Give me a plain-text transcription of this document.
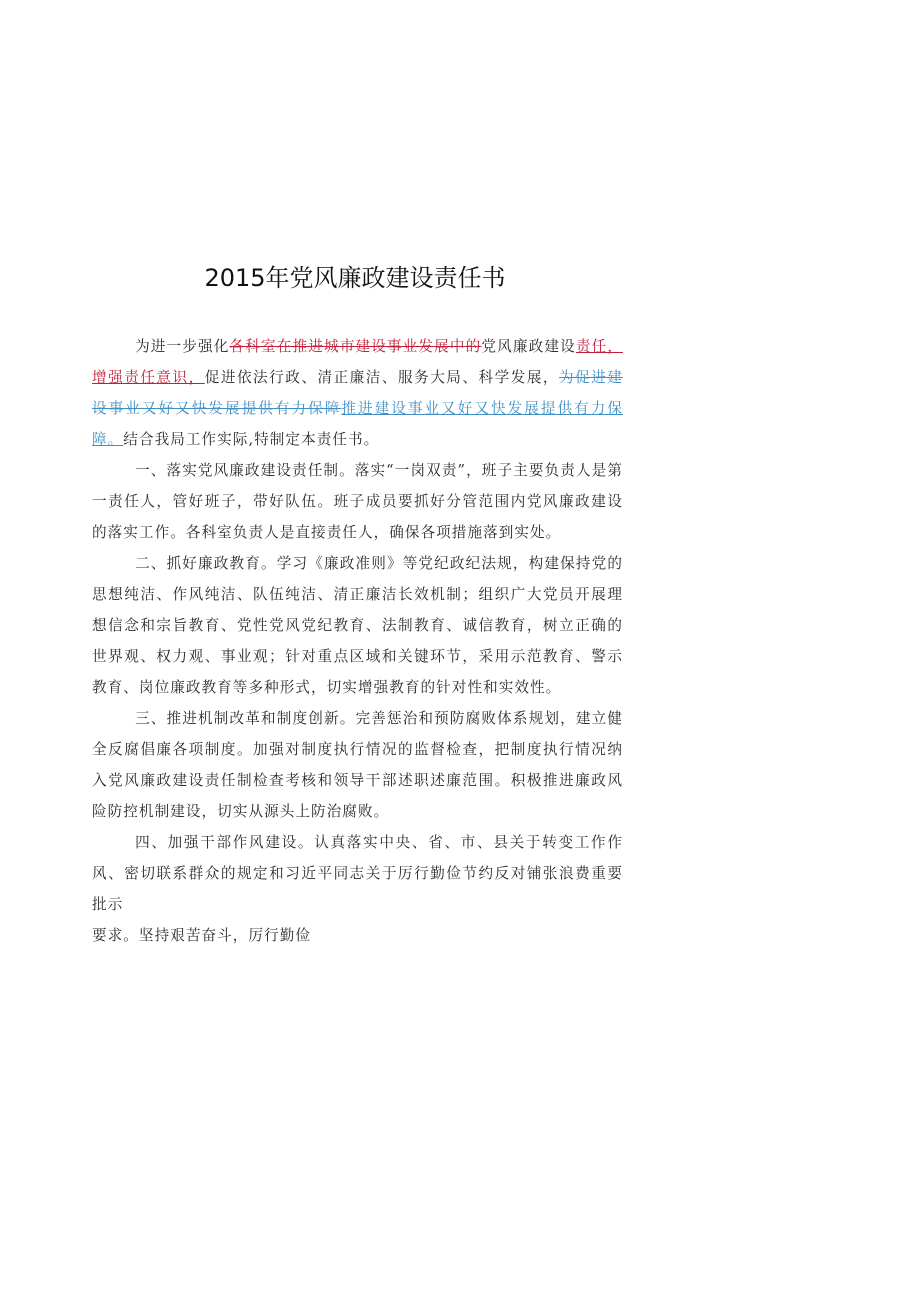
2015年党风廉政建设责任书

为进一步强化各科室在推进城市建设事业发展中的党风廉政建设责任，增强责任意识，促进依法行政、清正廉洁、服务大局、科学发展，为促进建设事业又好又快发展提供有力保障推进建设事业又好又快发展提供有力保障。结合我局工作实际,特制定本责任书。

一、落实党风廉政建设责任制。落实“一岗双责”，班子主要负责人是第一责任人，管好班子，带好队伍。班子成员要抓好分管范围内党风廉政建设的落实工作。各科室负责人是直接责任人，确保各项措施落到实处。

二、抓好廉政教育。学习《廉政准则》等党纪政纪法规，构建保持党的思想纯洁、作风纯洁、队伍纯洁、清正廉洁长效机制；组织广大党员开展理想信念和宗旨教育、党性党风党纪教育、法制教育、诚信教育，树立正确的世界观、权力观、事业观；针对重点区域和关键环节，采用示范教育、警示教育、岗位廉政教育等多种形式，切实增强教育的针对性和实效性。

三、推进机制改革和制度创新。完善惩治和预防腐败体系规划，建立健全反腐倡廉各项制度。加强对制度执行情况的监督检查，把制度执行情况纳入党风廉政建设责任制检查考核和领导干部述职述廉范围。积极推进廉政风险防控机制建设，切实从源头上防治腐败。

四、加强干部作风建设。认真落实中央、省、市、县关于转变工作作风、密切联系群众的规定和习近平同志关于厉行勤俭节约反对铺张浪费重要批示

要求。坚持艰苦奋斗，厉行勤俭
